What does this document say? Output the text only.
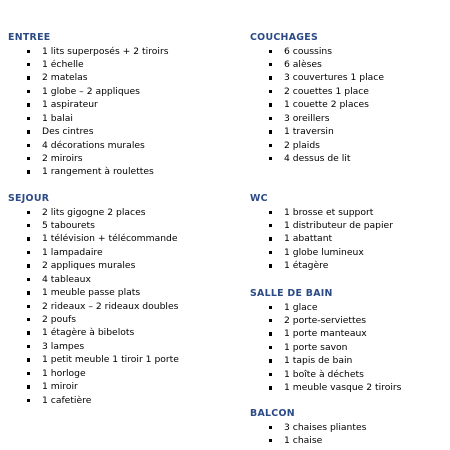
ENTREE
1 lits superposés + 2 tiroirs
1 échelle
2 matelas
1 globe – 2 appliques
1 aspirateur
1 balai
Des cintres
4 décorations murales
2 miroirs
1 rangement à roulettes
SEJOUR
2 lits gigogne 2 places
5 tabourets
1 télévision + télécommande
1 lampadaire
2 appliques murales
4 tableaux
1 meuble passe plats
2 rideaux – 2 rideaux doubles
2 poufs
1 étagère à bibelots
3 lampes
1 petit meuble 1 tiroir 1 porte
1 horloge
1 miroir
1 cafetière
COUCHAGES
6 coussins
6 alèses
3 couvertures 1 place
2 couettes 1 place
1 couette 2 places
3 oreillers
1 traversin
2 plaids
4 dessus de lit
WC
1 brosse et support
1 distributeur de papier
1 abattant
1 globe lumineux
1 étagère
SALLE DE BAIN
1 glace
2 porte-serviettes
1 porte manteaux
1 porte savon
1 tapis de bain
1 boîte à déchets
1 meuble vasque 2 tiroirs
BALCON
3 chaises pliantes
1 chaise
